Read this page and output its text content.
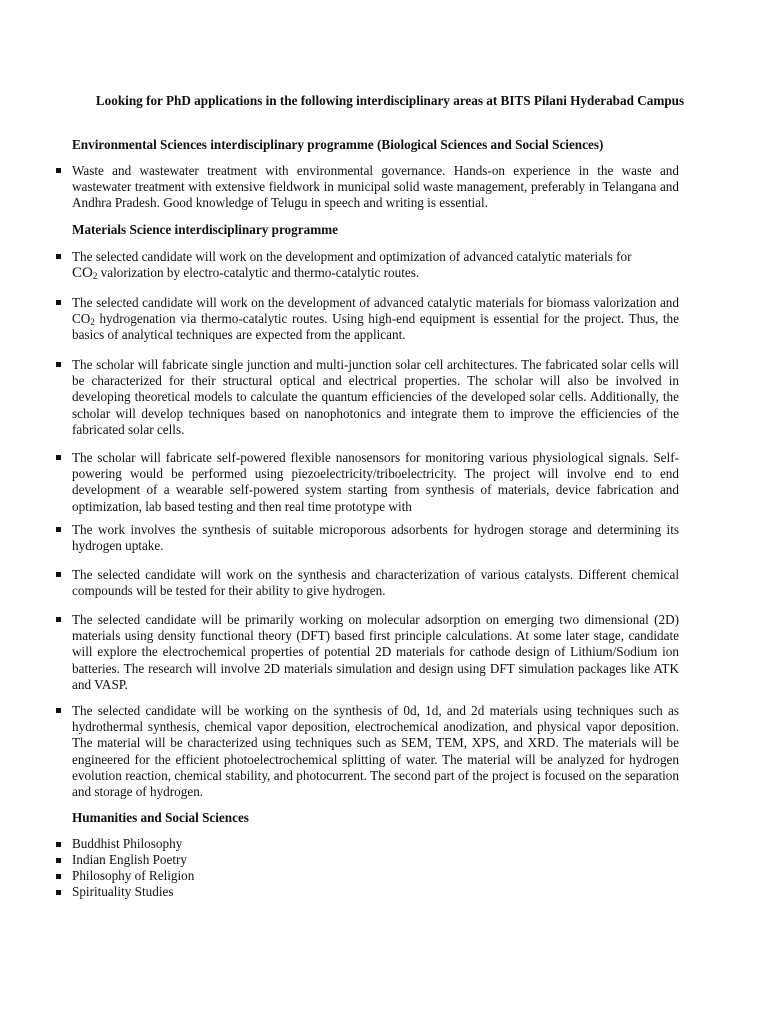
Looking for PhD applications in the following interdisciplinary areas at BITS Pilani Hyderabad Campus
Environmental Sciences interdisciplinary programme (Biological Sciences and Social Sciences)
Waste and wastewater treatment with environmental governance. Hands-on experience in the waste and wastewater treatment with extensive fieldwork in municipal solid waste management, preferably in Telangana and Andhra Pradesh. Good knowledge of Telugu in speech and writing is essential.
Materials Science interdisciplinary programme
The selected candidate will work on the development and optimization of advanced catalytic materials for
$CO_2$ valorization by electro-catalytic and thermo-catalytic routes.
The selected candidate will work on the development of advanced catalytic materials for biomass valorization and $CO_2$ hydrogenation via thermo-catalytic routes. Using high-end equipment is essential for the project. Thus, the basics of analytical techniques are expected from the applicant.
The scholar will fabricate single junction and multi-junction solar cell architectures. The fabricated solar cells will be characterized for their structural optical and electrical properties. The scholar will also be involved in developing theoretical models to calculate the quantum efficiencies of the developed solar cells. Additionally, the scholar will develop techniques based on nanophotonics and integrate them to improve the efficiencies of the fabricated solar cells.
The scholar will fabricate self-powered flexible nanosensors for monitoring various physiological signals. Self-powering would be performed using piezoelectricity/triboelectricity. The project will involve end to end development of a wearable self-powered system starting from synthesis of materials, device fabrication and optimization, lab based testing and then real time prototype with
The work involves the synthesis of suitable microporous adsorbents for hydrogen storage and determining its hydrogen uptake.
The selected candidate will work on the synthesis and characterization of various catalysts. Different chemical compounds will be tested for their ability to give hydrogen.
The selected candidate will be primarily working on molecular adsorption on emerging two dimensional (2D) materials using density functional theory (DFT) based first principle calculations. At some later stage, candidate will explore the electrochemical properties of potential 2D materials for cathode design of Lithium/Sodium ion batteries. The research will involve 2D materials simulation and design using DFT simulation packages like ATK and VASP.
The selected candidate will be working on the synthesis of 0d, 1d, and 2d materials using techniques such as hydrothermal synthesis, chemical vapor deposition, electrochemical anodization, and physical vapor deposition. The material will be characterized using techniques such as SEM, TEM, XPS, and XRD. The materials will be engineered for the efficient photoelectrochemical splitting of water. The material will be analyzed for hydrogen evolution reaction, chemical stability, and photocurrent. The second part of the project is focused on the separation and storage of hydrogen.
Humanities and Social Sciences
Buddhist Philosophy
Indian English Poetry
Philosophy of Religion
Spirituality Studies
